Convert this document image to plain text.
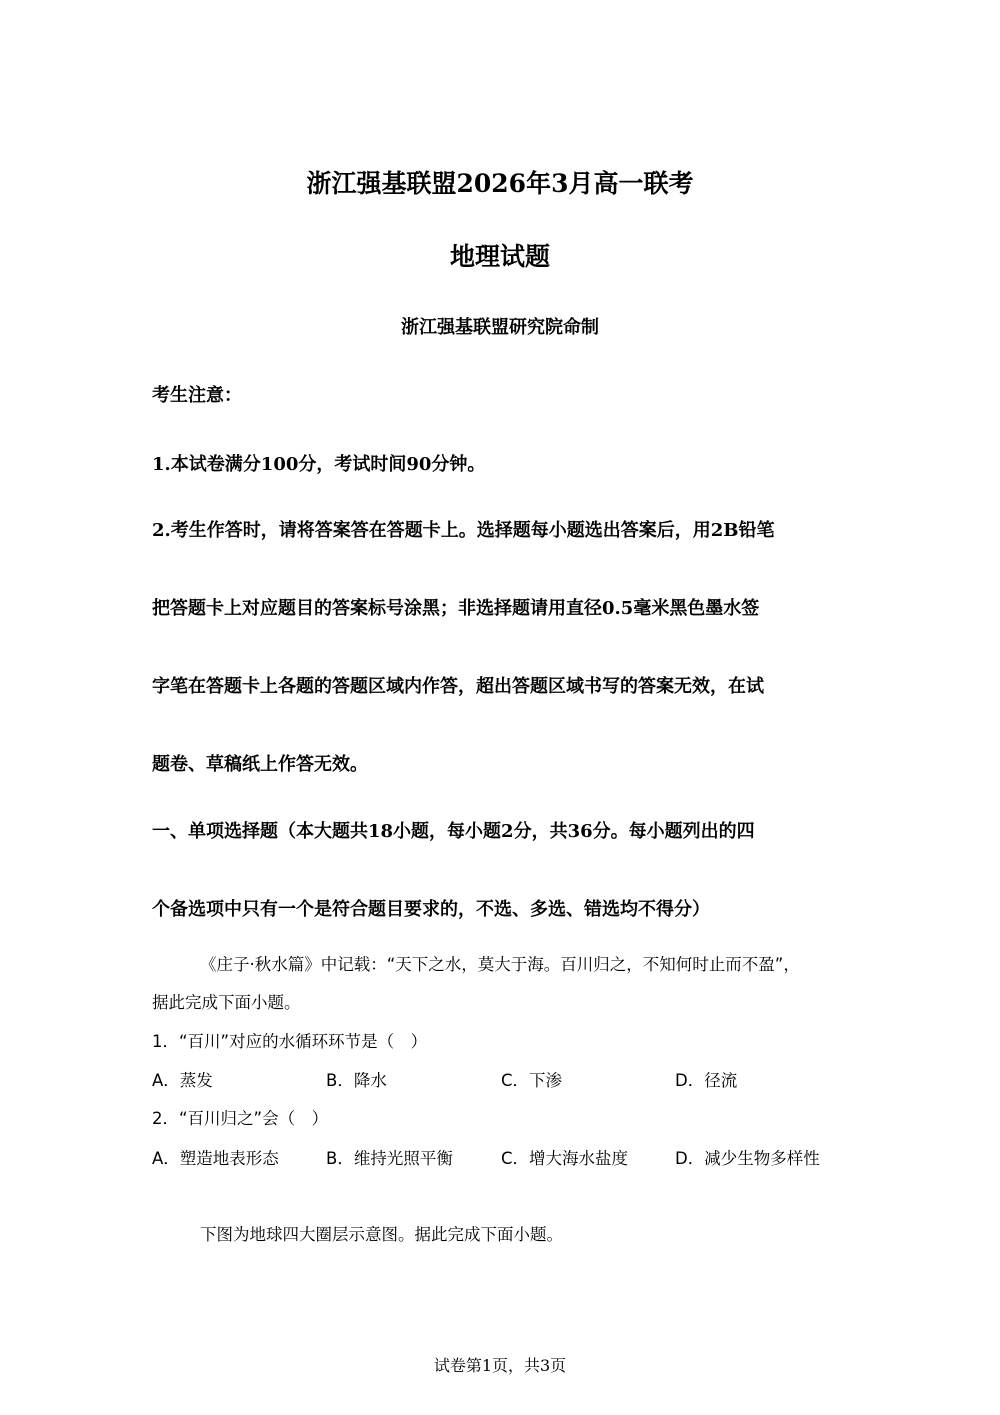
浙江强基联盟2026年3月高一联考
地理试题
浙江强基联盟研究院命制
考生注意：
1.本试卷满分100分，考试时间90分钟。
2.考生作答时，请将答案答在答题卡上。选择题每小题选出答案后，用2B铅笔
把答题卡上对应题目的答案标号涂黑；非选择题请用直径0.5毫米黑色墨水签
字笔在答题卡上各题的答题区域内作答，超出答题区域书写的答案无效，在试
题卷、草稿纸上作答无效。
一、单项选择题（本大题共18小题，每小题2分，共36分。每小题列出的四
个备选项中只有一个是符合题目要求的，不选、多选、错选均不得分）
《庄子·秋水篇》中记载：“天下之水，莫大于海。百川归之，不知何时止而不盈”，
据此完成下面小题。
1．“百川”对应的水循环环节是（　）
A．蒸发	B．降水	C．下渗	D．径流
2．“百川归之”会（　）
A．塑造地表形态	B．维持光照平衡	C．增大海水盐度	D．减少生物多样性
下图为地球四大圈层示意图。据此完成下面小题。
试卷第1页，共3页
